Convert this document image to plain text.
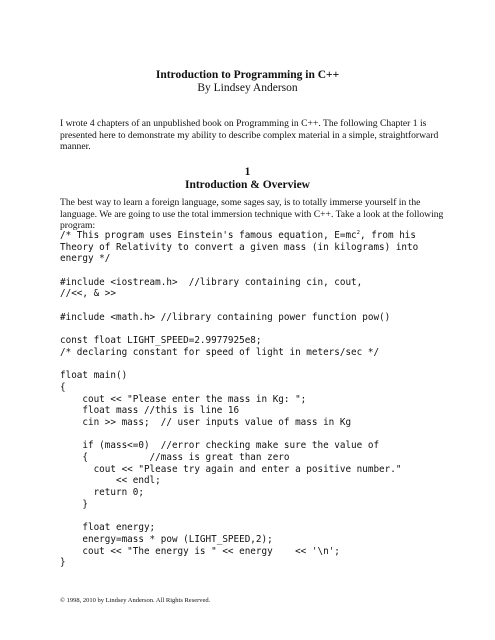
Introduction to Programming in C++

By Lindsey Anderson

I wrote 4 chapters of an unpublished book on Programming in C++. The following Chapter 1 is presented here to demonstrate my ability to describe complex material in a simple, straightforward manner.

1

Introduction & Overview

The best way to learn a foreign language, some sages say, is to totally immerse yourself in the language. We are going to use the total immersion technique with C++. Take a look at the following program:

/* This program uses Einstein's famous equation, $E=mc^2$, from his
Theory of Relativity to convert a given mass (in kilograms) into
energy */
#include <iostream.h>  //library containing cin, cout,
//<<, & >>
#include <math.h> //library containing power function pow()
const float LIGHT_SPEED=2.9977925e8;
/* declaring constant for speed of light in meters/sec */
float main()
{
cout << "Please enter the mass in Kg: ";
float mass //this is line 16
cin >> mass;  // user inputs value of mass in Kg
if (mass<=0)  //error checking make sure the value of
{           //mass is great than zero
cout << "Please try again and enter a positive number."
<< endl;
return 0;
}
float energy;
energy=mass * pow (LIGHT_SPEED,2);
cout << "The energy is " << energy    << '\n';
}
© 1998, 2010 by Lindsey Anderson. All Rights Reserved.
